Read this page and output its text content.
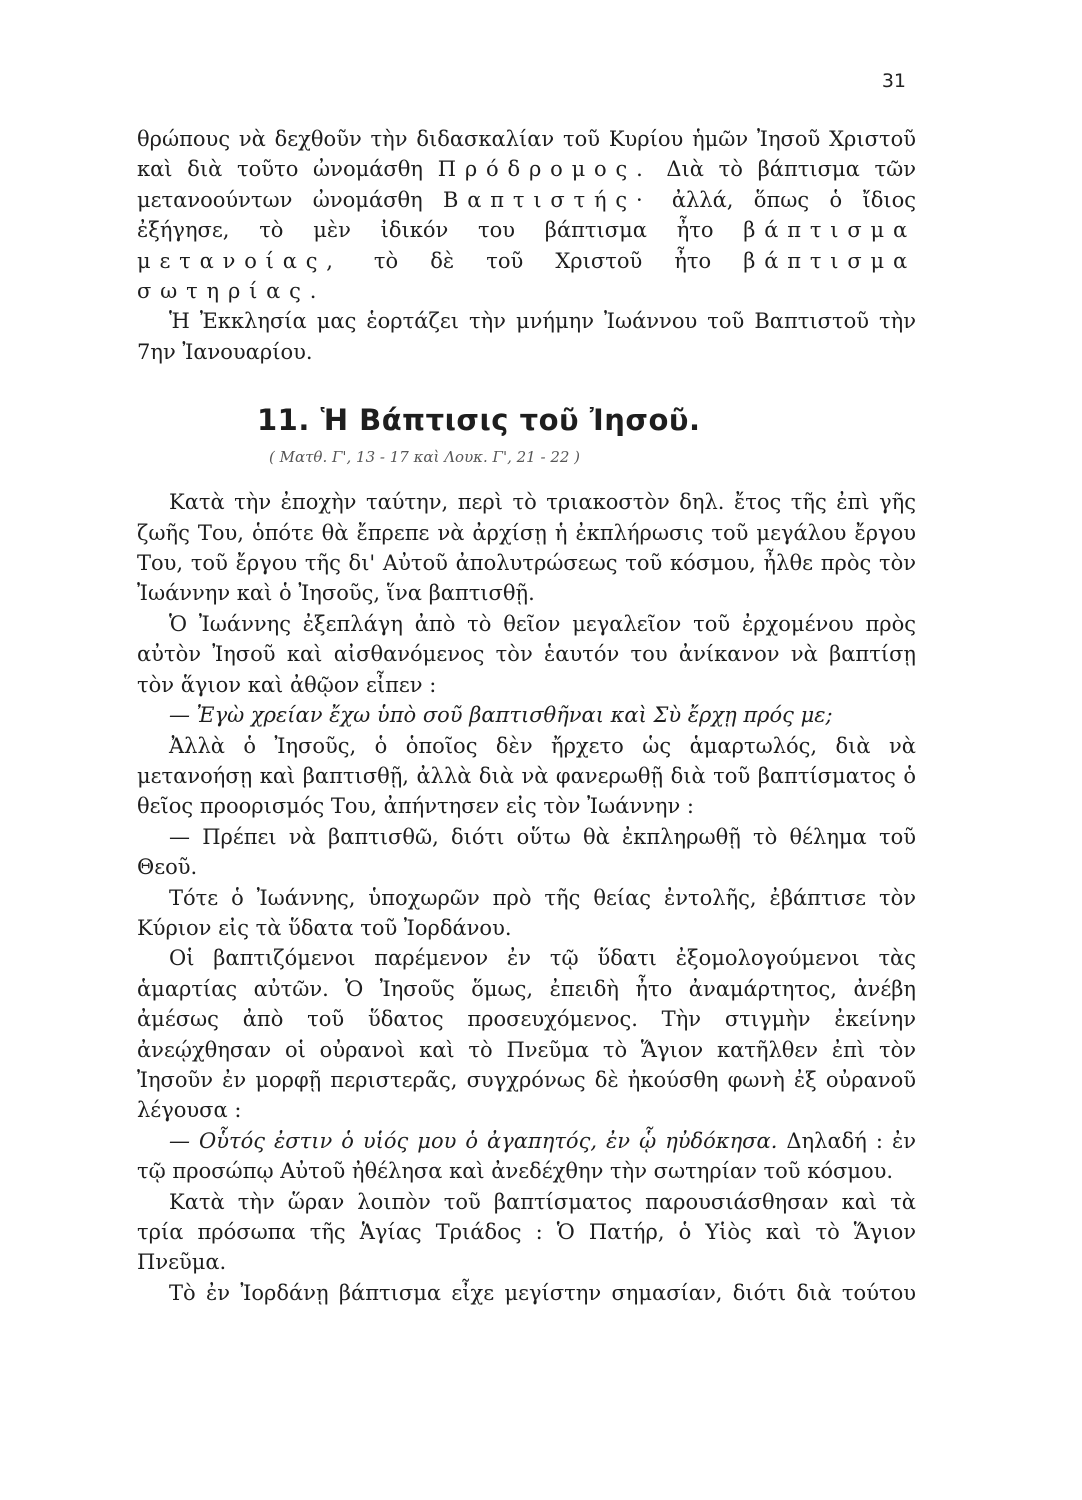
31

θρώπους νὰ δεχθοῦν τὴν διδασκαλίαν τοῦ Κυρίου ἡμῶν Ἰησοῦ Χριστοῦ καὶ διὰ τοῦτο ὠνομάσθη Πρόδρομος. Διὰ τὸ βάπτισμα τῶν μετανοούντων ὠνομάσθη Βαπτιστής· ἀλλά, ὅπως ὁ ἴδιος ἐξήγησε, τὸ μὲν ἰδικόν του βάπτισμα ἦτο βάπτισμα μετανοίας, τὸ δὲ τοῦ Χριστοῦ ἦτο βάπτισμα σωτηρίας.

Ἡ Ἐκκλησία μας ἑορτάζει τὴν μνήμην Ἰωάννου τοῦ Βαπτιστοῦ τὴν 7ην Ἰανουαρίου.

11. Ἡ Βάπτισις τοῦ Ἰησοῦ.
( Ματθ. Γ', 13 - 17 καὶ Λουκ. Γ', 21 - 22 )

Κατὰ τὴν ἐποχὴν ταύτην, περὶ τὸ τριακοστὸν δηλ. ἔτος τῆς ἐπὶ γῆς ζωῆς Του, ὁπότε θὰ ἔπρεπε νὰ ἀρχίσῃ ἡ ἐκπλήρωσις τοῦ μεγάλου ἔργου Του, τοῦ ἔργου τῆς δι' Αὐτοῦ ἀπολυτρώσεως τοῦ κόσμου, ἦλθε πρὸς τὸν Ἰωάννην καὶ ὁ Ἰησοῦς, ἵνα βαπτισθῇ.

Ὁ Ἰωάννης ἐξεπλάγη ἀπὸ τὸ θεῖον μεγαλεῖον τοῦ ἐρχομένου πρὸς αὐτὸν Ἰησοῦ καὶ αἰσθανόμενος τὸν ἑαυτόν του ἀνίκανον νὰ βαπτίσῃ τὸν ἅγιον καὶ ἀθῷον εἶπεν :

— Ἐγὼ χρείαν ἔχω ὑπὸ σοῦ βαπτισθῆναι καὶ Σὺ ἔρχῃ πρός με;

Ἀλλὰ ὁ Ἰησοῦς, ὁ ὁποῖος δὲν ἤρχετο ὡς ἁμαρτωλός, διὰ νὰ μετανοήσῃ καὶ βαπτισθῇ, ἀλλὰ διὰ νὰ φανερωθῇ διὰ τοῦ βαπτίσματος ὁ θεῖος προορισμός Του, ἀπήντησεν εἰς τὸν Ἰωάννην :

— Πρέπει νὰ βαπτισθῶ, διότι οὕτω θὰ ἐκπληρωθῇ τὸ θέλημα τοῦ Θεοῦ.

Τότε ὁ Ἰωάννης, ὑποχωρῶν πρὸ τῆς θείας ἐντολῆς, ἐβάπτισε τὸν Κύριον εἰς τὰ ὕδατα τοῦ Ἰορδάνου.

Οἱ βαπτιζόμενοι παρέμενον ἐν τῷ ὕδατι ἐξομολογούμενοι τὰς ἁμαρτίας αὐτῶν. Ὁ Ἰησοῦς ὅμως, ἐπειδὴ ἦτο ἀναμάρτητος, ἀνέβη ἀμέσως ἀπὸ τοῦ ὕδατος προσευχόμενος. Τὴν στιγμὴν ἐκείνην ἀνεῴχθησαν οἱ οὐρανοὶ καὶ τὸ Πνεῦμα τὸ Ἅγιον κατῆλθεν ἐπὶ τὸν Ἰησοῦν ἐν μορφῇ περιστερᾶς, συγχρόνως δὲ ἠκούσθη φωνὴ ἐξ οὐρανοῦ λέγουσα :

— Οὗτός ἐστιν ὁ υἱός μου ὁ ἀγαπητός, ἐν ᾧ ηὐδόκησα. Δηλαδή : ἐν τῷ προσώπῳ Αὐτοῦ ἠθέλησα καὶ ἀνεδέχθην τὴν σωτηρίαν τοῦ κόσμου.

Κατὰ τὴν ὥραν λοιπὸν τοῦ βαπτίσματος παρουσιάσθησαν καὶ τὰ τρία πρόσωπα τῆς Ἁγίας Τριάδος : Ὁ Πατήρ, ὁ Υἱὸς καὶ τὸ Ἅγιον Πνεῦμα.

Τὸ ἐν Ἰορδάνῃ βάπτισμα εἶχε μεγίστην σημασίαν, διότι διὰ τούτου
